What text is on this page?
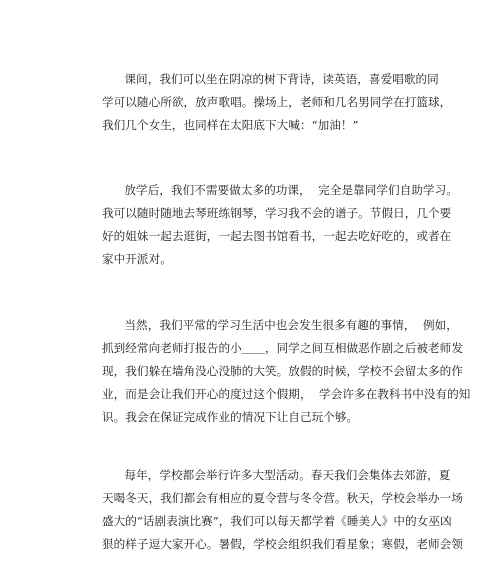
课间，我们可以坐在阴凉的树下背诗，读英语，喜爱唱歌的同
学可以随心所欲，放声歌唱。操场上，老师和几名男同学在打篮球，
我们几个女生，也同样在太阳底下大喊：“加油！”
放学后，我们不需要做太多的功课，  完全是靠同学们自助学习。
我可以随时随地去琴班练钢琴，学习我不会的谱子。节假日，几个要
好的姐妹一起去逛街，一起去图书馆看书，一起去吃好吃的，或者在
家中开派对。
当然，我们平常的学习生活中也会发生很多有趣的事情，  例如，
抓到经常向老师打报告的小＿＿，同学之间互相做恶作剧之后被老师发
现，我们躲在墙角没心没肺的大笑。放假的时候，学校不会留太多的作
业，而是会让我们开心的度过这个假期，  学会许多在教科书中没有的知
识。我会在保证完成作业的情况下让自己玩个够。
每年，学校都会举行许多大型活动。春天我们会集体去郊游，夏
天喝冬天，我们都会有相应的夏令营与冬令营。秋天，学校会举办一场
盛大的“话剧表演比赛”，我们可以每天都学着《睡美人》中的女巫凶
狠的样子逗大家开心。暑假，学校会组织我们看星象；寒假，老师会领
